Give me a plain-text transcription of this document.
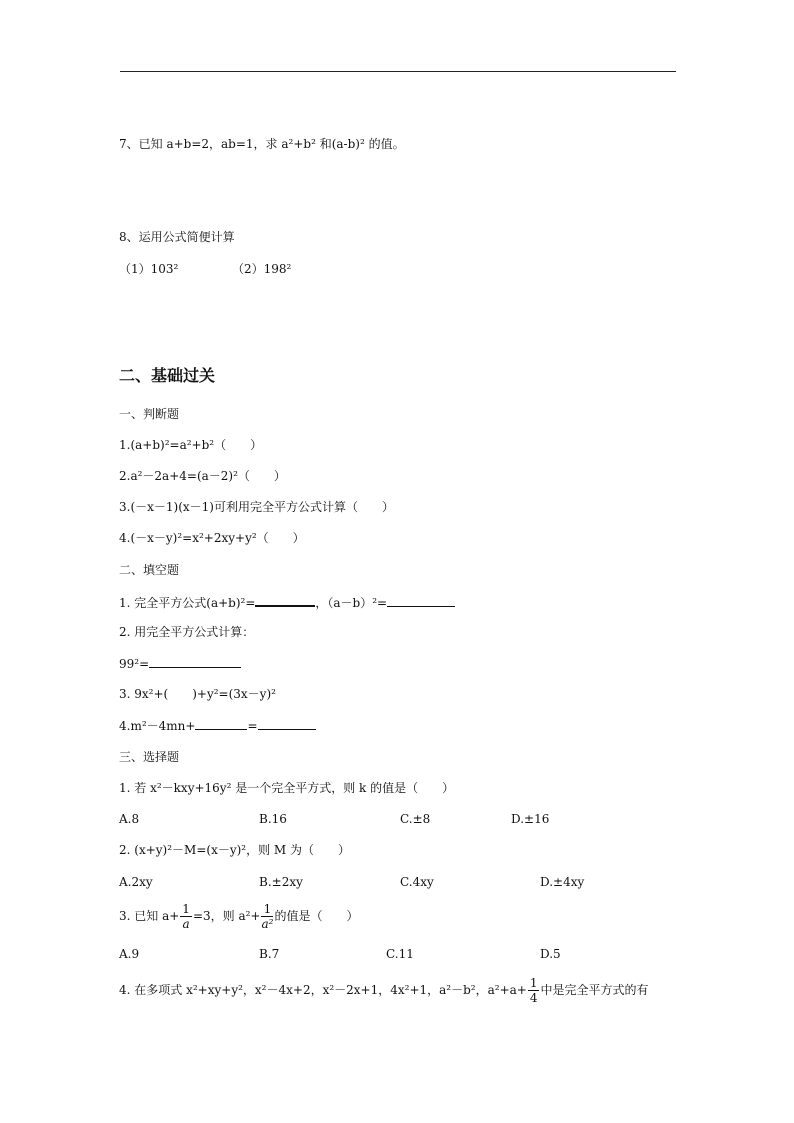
7、已知 a+b=2，ab=1，求 a²+b² 和(a-b)² 的值。
8、运用公式简便计算
（1）103²	（2）198²
二、基础过关
一、判断题
1.(a+b)²=a²+b²（　　）
2.a²－2a+4=(a－2)²（　　）
3.(－x－1)(x－1)可利用完全平方公式计算（　　）
4.(－x－y)²=x²+2xy+y²（　　）
二、填空题
1. 完全平方公式(a+b)²=	，（a－b）²=
2. 用完全平方公式计算：
99²=
3. 9x²+(　　)+y²=(3x－y)²
4.m²－4mn+	=
三、选择题
1. 若 x²－kxy+16y² 是一个完全平方式，则 k 的值是（　　）
A.8	B.16	C.±8	D.±16
2. (x+y)²－M=(x－y)²，则 M 为（　　）
A.2xy	B.±2xy	C.4xy	D.±4xy
3. 已知 $a+ \frac{1}{a} =3$，则 $a^2+ \frac{1}{\text{a²}}$ 的值是（　　）
A.9	B.7	C.11	D.5
4. 在多项式 x²+xy+y²，x²－4x+2，x²－2x+1，4x²+1，a²－b²，$a^2+a+ \frac{1}{4}$ 中是完全平方式的有
